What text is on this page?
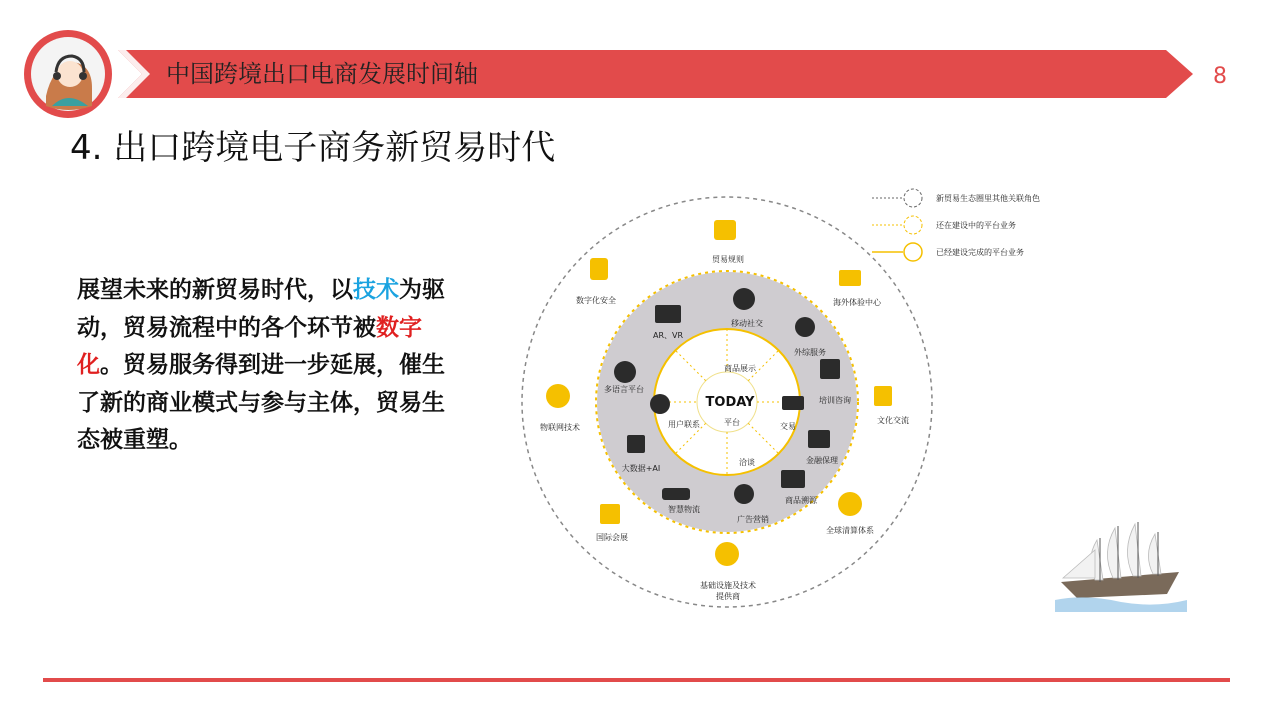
中国跨境出口电商发展时间轴	8
4. 出口跨境电子商务新贸易时代
展望未来的新贸易时代，以技术为驱动，贸易流程中的各个环节被数字化。贸易服务得到进一步延展，催生了新的商业模式与参与主体，贸易生态被重塑。
贸易规则
海外体验中心
文化交流
全球清算体系
基础设施及技术
提供商
国际会展
物联网技术
数字化安全
移动社交
外综服务
培训咨询
金融保理
商品溯源
广告营销
智慧物流
大数据+AI
多语言平台
AR、VR
商品展示
交易
洽谈
用户联系
TODAY
平台
新贸易生态圈里其他关联角色
还在建设中的平台业务
已经建设完成的平台业务
